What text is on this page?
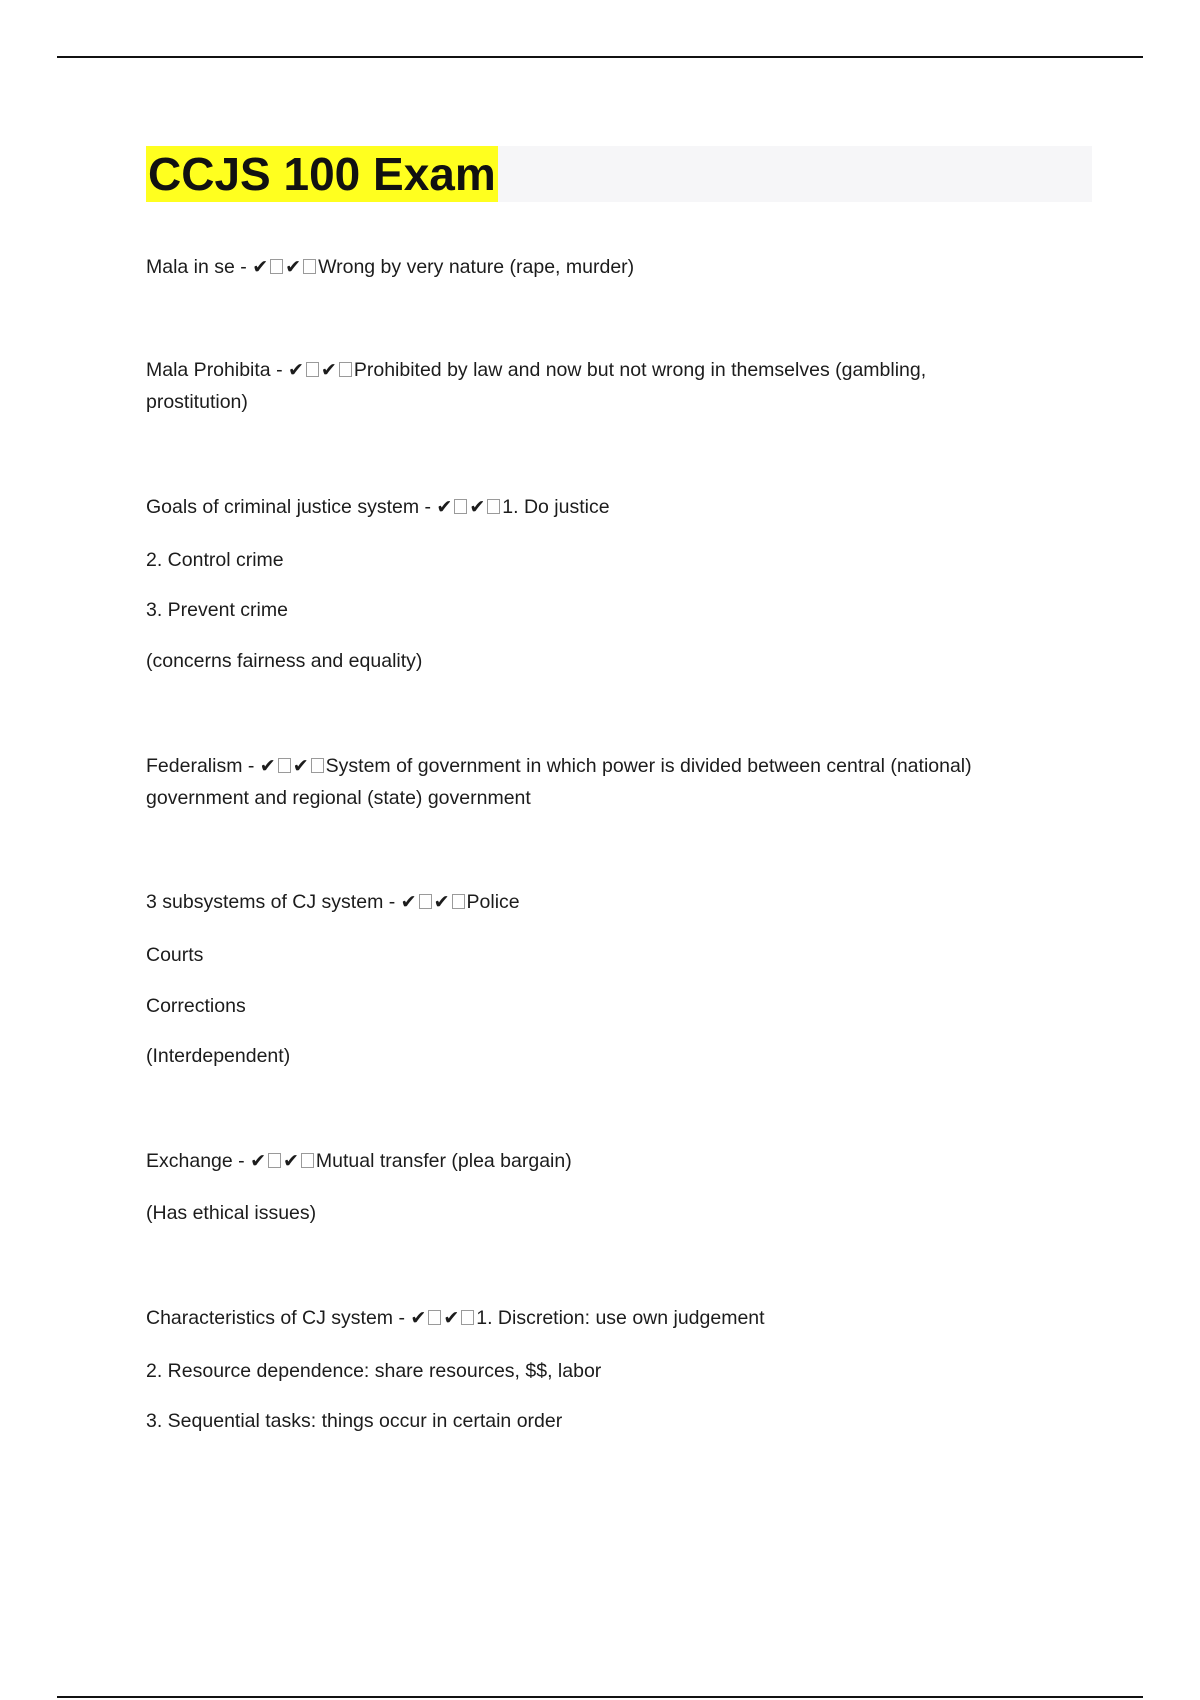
CCJS 100 Exam
Mala in se - ✔ ✔ Wrong by very nature (rape, murder)
Mala Prohibita - ✔ ✔ Prohibited by law and now but not wrong in themselves (gambling,
prostitution)
Goals of criminal justice system - ✔ ✔ 1. Do justice
2. Control crime
3. Prevent crime
(concerns fairness and equality)
Federalism - ✔ ✔ System of government in which power is divided between central (national)
government and regional (state) government
3 subsystems of CJ system - ✔ ✔ Police
Courts
Corrections
(Interdependent)
Exchange - ✔ ✔ Mutual transfer (plea bargain)
(Has ethical issues)
Characteristics of CJ system - ✔ ✔ 1. Discretion: use own judgement
2. Resource dependence: share resources, $$, labor
3. Sequential tasks: things occur in certain order
